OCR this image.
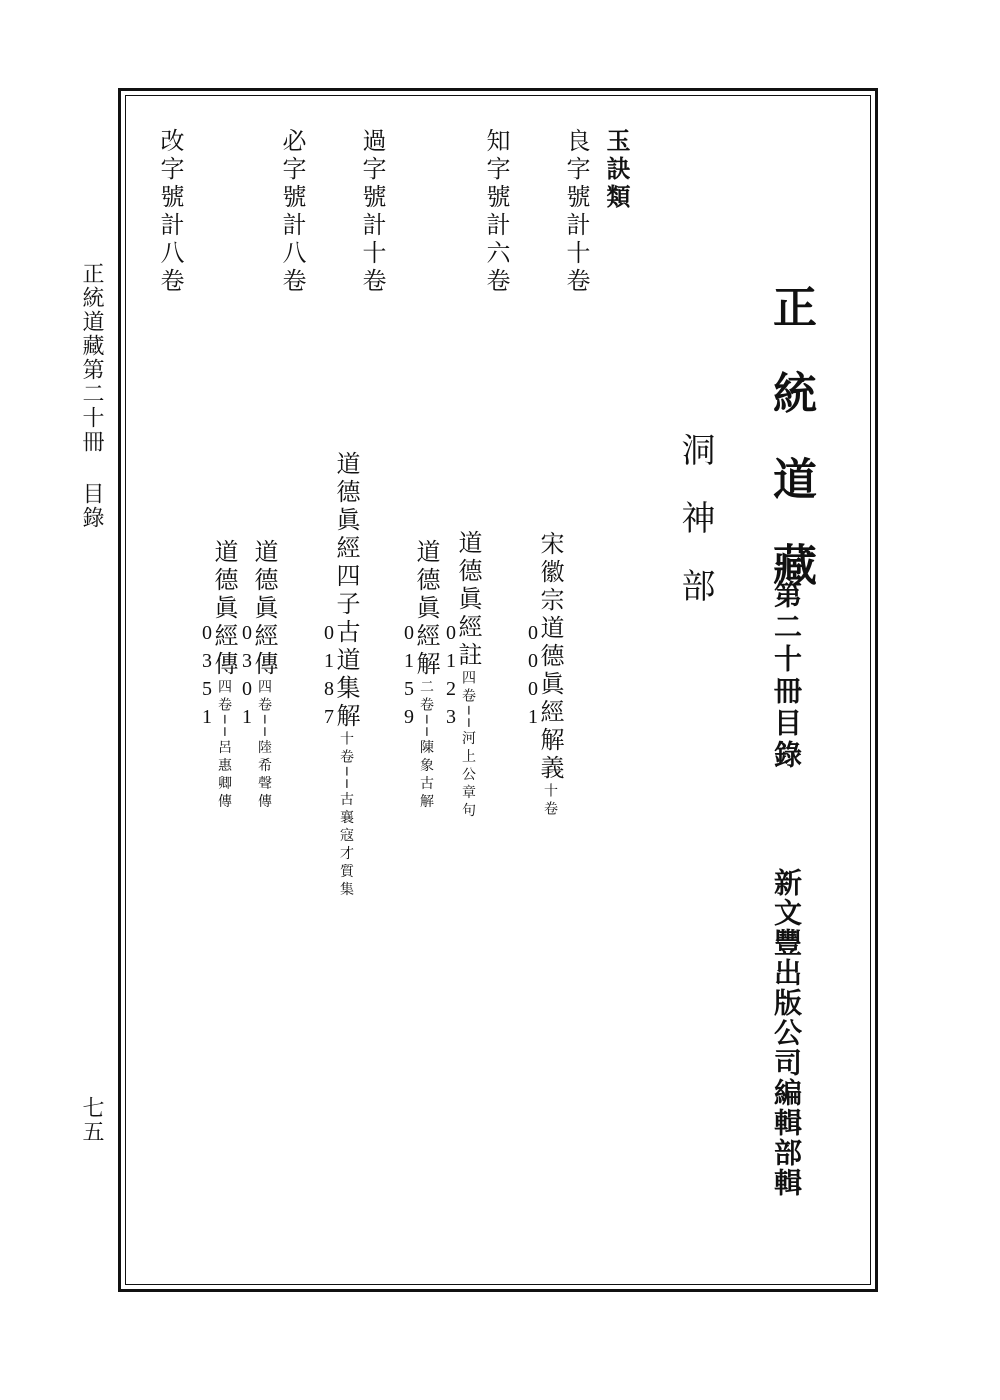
正統道藏第二十冊目錄
七五
正統道藏
第二十冊目錄
洞神部
新文豐出版公司編輯部輯
玉訣類
良字號計十卷
宋徽宗道德眞經解義十卷
0
0
0
1
知字號計六卷
道德眞經註四卷──河上公章句
0
1
2
3
道德眞經解二卷──陳象古解
0
1
5
9
過字號計十卷
道德眞經四子古道集解十卷──古襄寇才質集
0
1
8
7
必字號計八卷
道德眞經傳四卷──陸希聲傳
0
3
0
1
道德眞經傳四卷──呂惠卿傳
0
3
5
1
改字號計八卷
